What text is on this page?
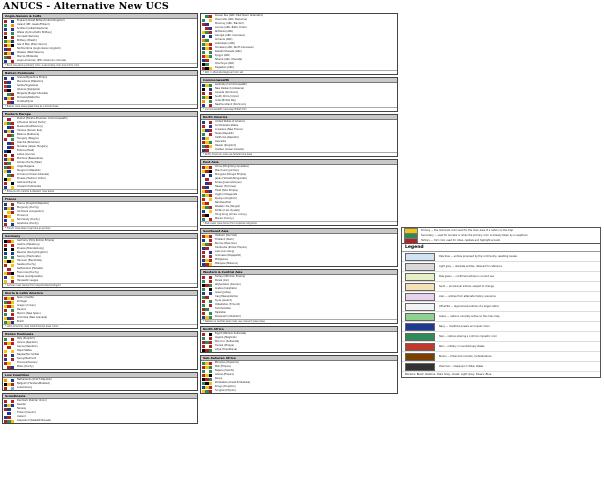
ANUCS - Alternative New UCS
Anglo-Saxons & Celts
England (Great Britain/United Kingdom)
Ireland (IRT, Gaelic/Eriland)
Scotland (Alba/Caledonia)
Wales (Cymru/Celtic Brittany)
Cornwall (Kernow)
Brittany (Breizh)
Isle of Man (Ellan Vannin)
Northumbria (Anglo-Saxon kingdom)
Wessex (West Saxons)
Mercia (Midlands)
Anglo-American (IPD, American colonies)
* Each row pairs a primary color, a secondary color and a trim color
Balkan Peninsula
Greece/Byzantine Empire
Macedonia (Makedon)
Serbia/Yugoslavia
Albania (Shqipëria)
Bulgaria (Bulgar Khanate)
Romania/Wallachia
Croatia/Illyria
* Balkan rows reuse greek blue as a shared base
Eastern Europe
Poland (Polish-Lithuanian Commonwealth)
Lithuania (Grand Duchy)
Russia (Rus/Muscovy)
Ukraine (Kievan Rus)
Belarus (Ruthenia)
Hungary (Magyar)
Czechia (Bohemia)
Slovakia (Upper Hungary)
Estonia (Eesti)
Latvia (Livonia)
Moldova (Bessarabia)
Golden Horde (Tatar)
Volga Bulgaria
Novgorod (Republic)
Crimea (Crimean Khanate)
Prussia (Teutonic Order)
Galicia-Volhynia
Cossack Hetmanate
* Extends into Central & Western rows below
France
France (Kingdom/Republic)
Burgundy (Duchy)
Occitania (Languedoc)
Provence
Normandy (Duchy)
Aquitaine (Duchy)
* French rows share royal blue as primary
Germany
Germany (Holy Roman Empire)
Austria (Habsburg)
Prussia (Brandenburg)
Bavaria (Duchy/Kingdom)
Saxony (Electorate)
Hanover (Electorate)
Swabia (Duchy)
Switzerland (Helvetia)
Franconia (Duchy)
Hesse (Landgraviate)
Hanseatic League
* German rows derive from imperial black/red/gold
Iberia & Latin America
Spain (Castile)
Portugal
Aragon (Crown)
Navarre
Mexico (New Spain)
Colombia (New Granada)
Brazil
* Latin American rows inherit Iberian base colors
Italian Peninsula
Italy (Kingdom)
Venice (Republic)
Genoa (Republic)
Papal States
Naples/Two Sicilies
Savoy/Piedmont
Florence/Tuscany
Milan (Duchy)
Low Countries
Netherlands (Dutch Republic)
Belgium (Flanders/Brabant)
Luxembourg
Scandinavia
Denmark (Kalmar Union)
Sweden
Norway
Finland (Suomi)
Iceland
Greenland (Kalaallit Nunaat)
Kievan Rus (ARC, East Slavic federation)
Chernivtsi (ARC, Bukovina)
Muscovy (ARC, Tsardom)
Livonia (ARC, Baltic Order)
Ruthenia (ARC)
Georgia (ARC, Caucasus)
Armenia (ARC)
Azerbaijan (ARC)
Circassia (ARC, North Caucasus)
Kazakh Khanate (ARC)
Kyrgyz (ARC)
Siberia (ARC, Khanate)
Chechnya (ARC)
Dagestan (ARC)
* ARC = Alternate Regional Color set
Commonwealth
Australia (Commonwealth)
New Zealand (Aotearoa)
Canada (Dominion)
South Africa (Union)
India (British Raj)
Newfoundland (Dominion)
* Commonwealth rows keep British trim
North America
United States of America
Confederate States
Louisiana (New France)
Texas (Republic)
California (Republic)
Cascadia
Hawaii (Kingdom)
Quebec (Lower Canada)
* North American rows use federal blue base
East Asia
China (Ming/Qing dynasties)
Manchuria (Jurchen)
Mongolia (Mongol Empire)
Japan (Yamato/Shogunate)
Korea (Joseon/Goryeo)
Taiwan (Formosa)
Tibet (Tubo Empire)
Uyghur Khaganate
Ryukyu (Kingdom)
Nanzhao/Dali
Western Xia (Tangut)
Khitan (Liao dynasty)
Hong Kong (Crown colony)
Macau (Colony)
* East Asian rows derive from imperial red/yellow
Southeast Asia
Vietnam (Dai Viet)
Thailand (Siam)
Burma (Myanmar)
Cambodia (Khmer Empire)
Laos (Lan Xang)
Indonesia (Majapahit)
Philippines
Malaysia (Malacca)
Western & Central Asia
Turkey (Ottoman Empire)
Persia (Iran)
Afghanistan (Durrani)
Arabia (Caliphate)
Israel (Judea)
Iraq (Mesopotamia)
Syria (Levant)
Uzbekistan (Timurid)
Turkmenistan
Tajikistan
Khwarazm (Shahdom)
* Western & Central Asian rows use crescent green base
North Africa
Egypt (Mamluk Sultanate)
Algeria (Maghreb)
Morocco (Sultanate)
Tunisia (Ifriqiya)
Libya (Tripolitania)
Sub-Saharan Africa
Ethiopia (Abyssinia)
Mali (Empire)
Nigeria (Sokoto)
Ghana (Empire)
Kenya
Zimbabwe (Great Zimbabwe)
Kongo (Kingdom)
Songhai (Empire)
Primary — the dominant color used for the main area of a nation on the map
Secondary — used for borders or when the primary color is already taken by a neighbour
Tertiary — trim color used for cities, capitals and highlight accents
Legend
Pale blue — entries proposed by the community, awaiting review
Light grey — obsolete entries, retained for reference
Pale green — confirmed entries in current use
Sand — provisional entries, subject to change
Lilac — entries from alternate history scenarios
Off-white — regional sub-entries of a larger nation
Green — nations currently active on the main map
Navy — maritime powers and naval colors
Teal — nations sharing a common dynastic color
Red — military or revolutionary states
Brown — tribal and nomadic confederations
Charcoal — dissolved or fallen states
Borders: Black, Nations: Dark Grey, Coast: Light Grey, Rivers: Blue
